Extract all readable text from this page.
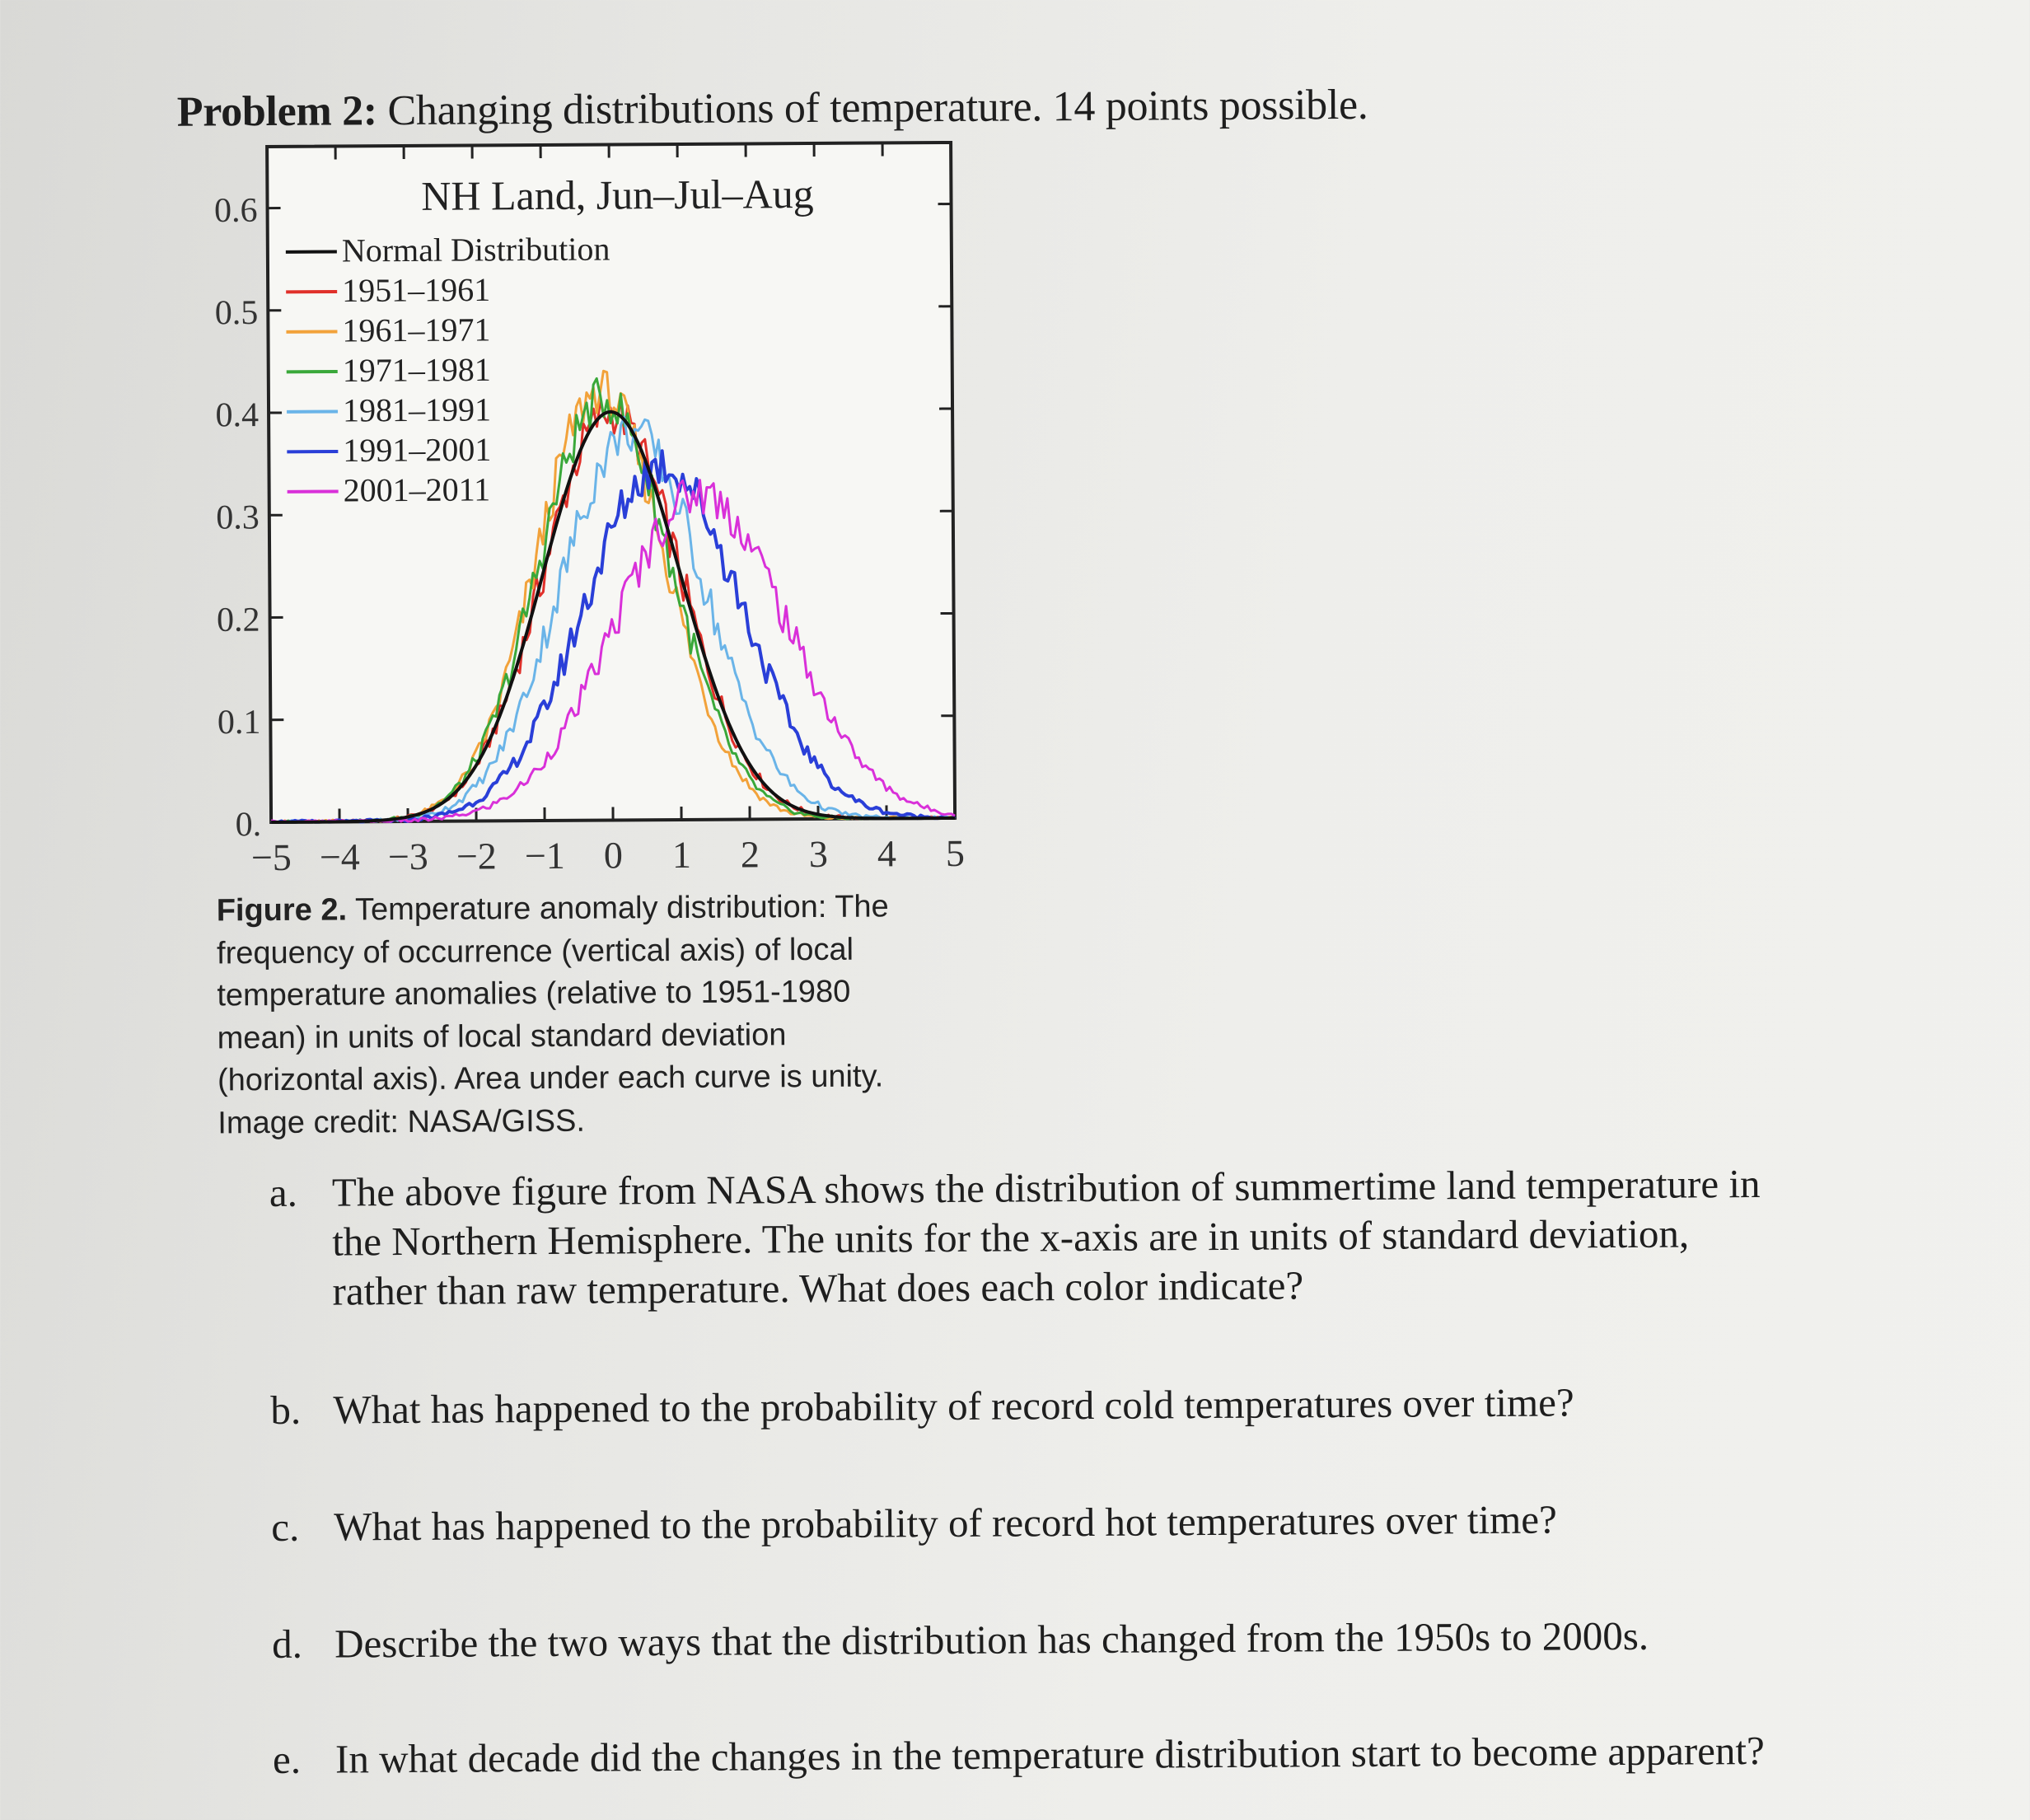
Problem 2: Changing distributions of temperature. 14 points possible.
0.
0.1
0.2
0.3
0.4
0.5
0.6
−5 −4 −3 −2 −1 0 1 2 3 4 5
NH Land, Jun–Jul–Aug
Normal Distribution
1951–1961
1961–1971
1971–1981
1981–1991
1991–2001
2001–2011
Figure 2. Temperature anomaly distribution: The
frequency of occurrence (vertical axis) of local
temperature anomalies (relative to 1951-1980
mean) in units of local standard deviation
(horizontal axis). Area under each curve is unity.
Image credit: NASA/GISS.
a. The above figure from NASA shows the distribution of summertime land temperature in
the Northern Hemisphere. The units for the x-axis are in units of standard deviation,
rather than raw temperature. What does each color indicate?
b. What has happened to the probability of record cold temperatures over time?
c. What has happened to the probability of record hot temperatures over time?
d. Describe the two ways that the distribution has changed from the 1950s to 2000s.
e. In what decade did the changes in the temperature distribution start to become apparent?
